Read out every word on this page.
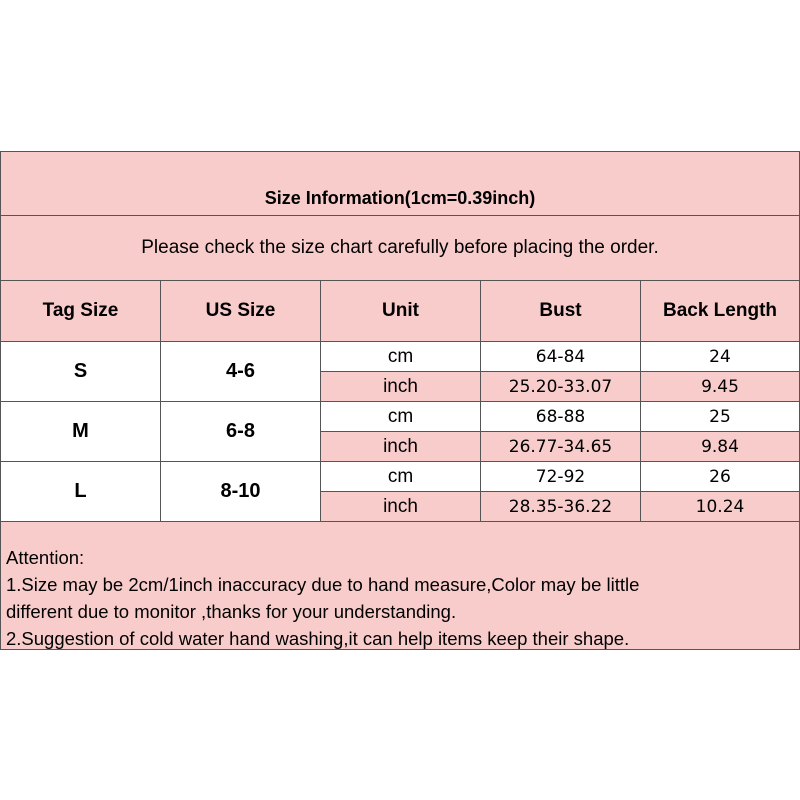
Size Information(1cm=0.39inch)
Please check the size chart carefully before placing the order.
Tag Size	US Size	Unit	Bust	Back Length
S	4-6
cm	64-84	24
inch	25.20-33.07	9.45
M	6-8
cm	68-88	25
inch	26.77-34.65	9.84
L	8-10
cm	72-92	26
inch	28.35-36.22	10.24
Attention:
1.Size may be 2cm/1inch inaccuracy due to hand measure,Color may be little
different due to monitor ,thanks for your understanding.
2.Suggestion of cold water hand washing,it can help items keep their shape.
